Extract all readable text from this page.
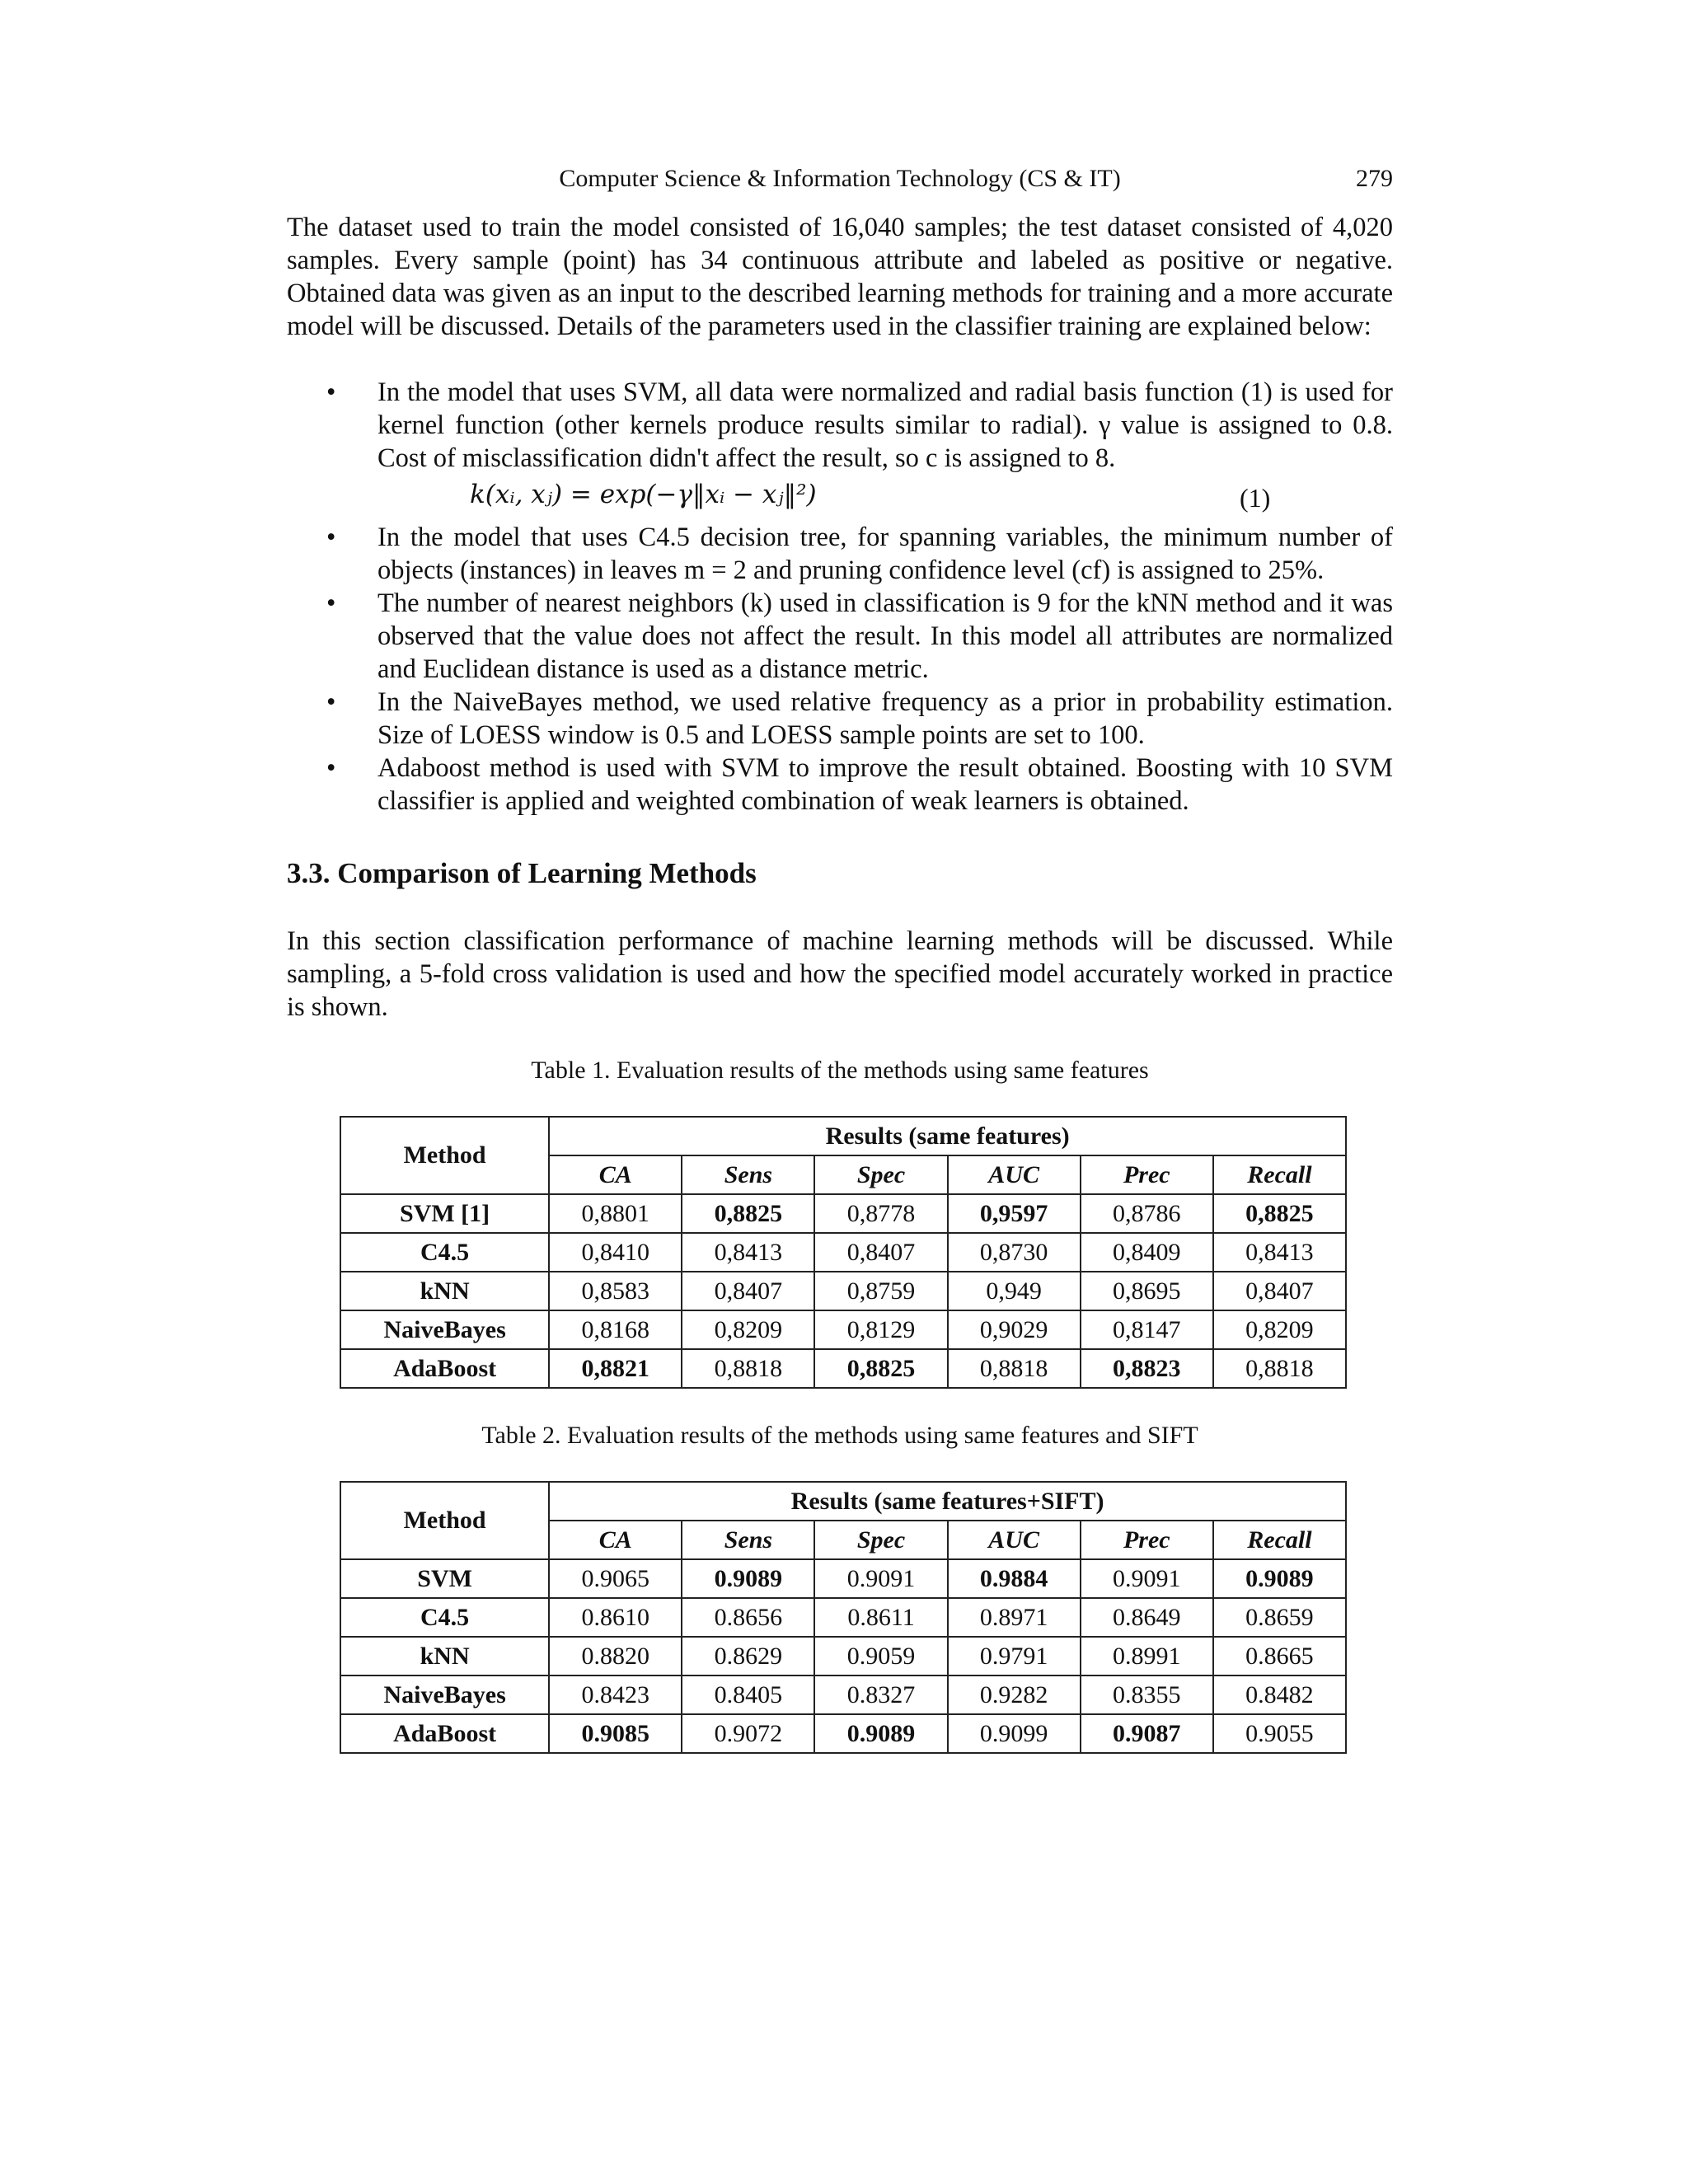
Computer Science & Information Technology (CS & IT)	279

The dataset used to train the model consisted of 16,040 samples; the test dataset consisted of 4,020 samples. Every sample (point) has 34 continuous attribute and labeled as positive or negative. Obtained data was given as an input to the described learning methods for training and a more accurate model will be discussed. Details of the parameters used in the classifier training are explained below:

• In the model that uses SVM, all data were normalized and radial basis function (1) is used for kernel function (other kernels produce results similar to radial). γ value is assigned to 0.8. Cost of misclassification didn't affect the result, so c is assigned to 8.
k(xᵢ, xⱼ) = exp(−γ‖xᵢ − xⱼ‖²)	(1)
• In the model that uses C4.5 decision tree, for spanning variables, the minimum number of objects (instances) in leaves m = 2 and pruning confidence level (cf) is assigned to 25%.
• The number of nearest neighbors (k) used in classification is 9 for the kNN method and it was observed that the value does not affect the result. In this model all attributes are normalized and Euclidean distance is used as a distance metric.
• In the NaiveBayes method, we used relative frequency as a prior in probability estimation. Size of LOESS window is 0.5 and LOESS sample points are set to 100.
• Adaboost method is used with SVM to improve the result obtained. Boosting with 10 SVM classifier is applied and weighted combination of weak learners is obtained.
3.3. Comparison of Learning Methods

In this section classification performance of machine learning methods will be discussed. While sampling, a 5-fold cross validation is used and how the specified model accurately worked in practice is shown.

Table 1. Evaluation results of the methods using same features
Method	Results (same features)					
	CA	Sens	Spec	AUC	Prec	Recall
SVM [1]	0,8801	0,8825	0,8778	0,9597	0,8786	0,8825
C4.5	0,8410	0,8413	0,8407	0,8730	0,8409	0,8413
kNN	0,8583	0,8407	0,8759	0,949	0,8695	0,8407
NaiveBayes	0,8168	0,8209	0,8129	0,9029	0,8147	0,8209
AdaBoost	0,8821	0,8818	0,8825	0,8818	0,8823	0,8818
Table 2. Evaluation results of the methods using same features and SIFT
Method	Results (same features+SIFT)					
	CA	Sens	Spec	AUC	Prec	Recall
SVM	0.9065	0.9089	0.9091	0.9884	0.9091	0.9089
C4.5	0.8610	0.8656	0.8611	0.8971	0.8649	0.8659
kNN	0.8820	0.8629	0.9059	0.9791	0.8991	0.8665
NaiveBayes	0.8423	0.8405	0.8327	0.9282	0.8355	0.8482
AdaBoost	0.9085	0.9072	0.9089	0.9099	0.9087	0.9055
